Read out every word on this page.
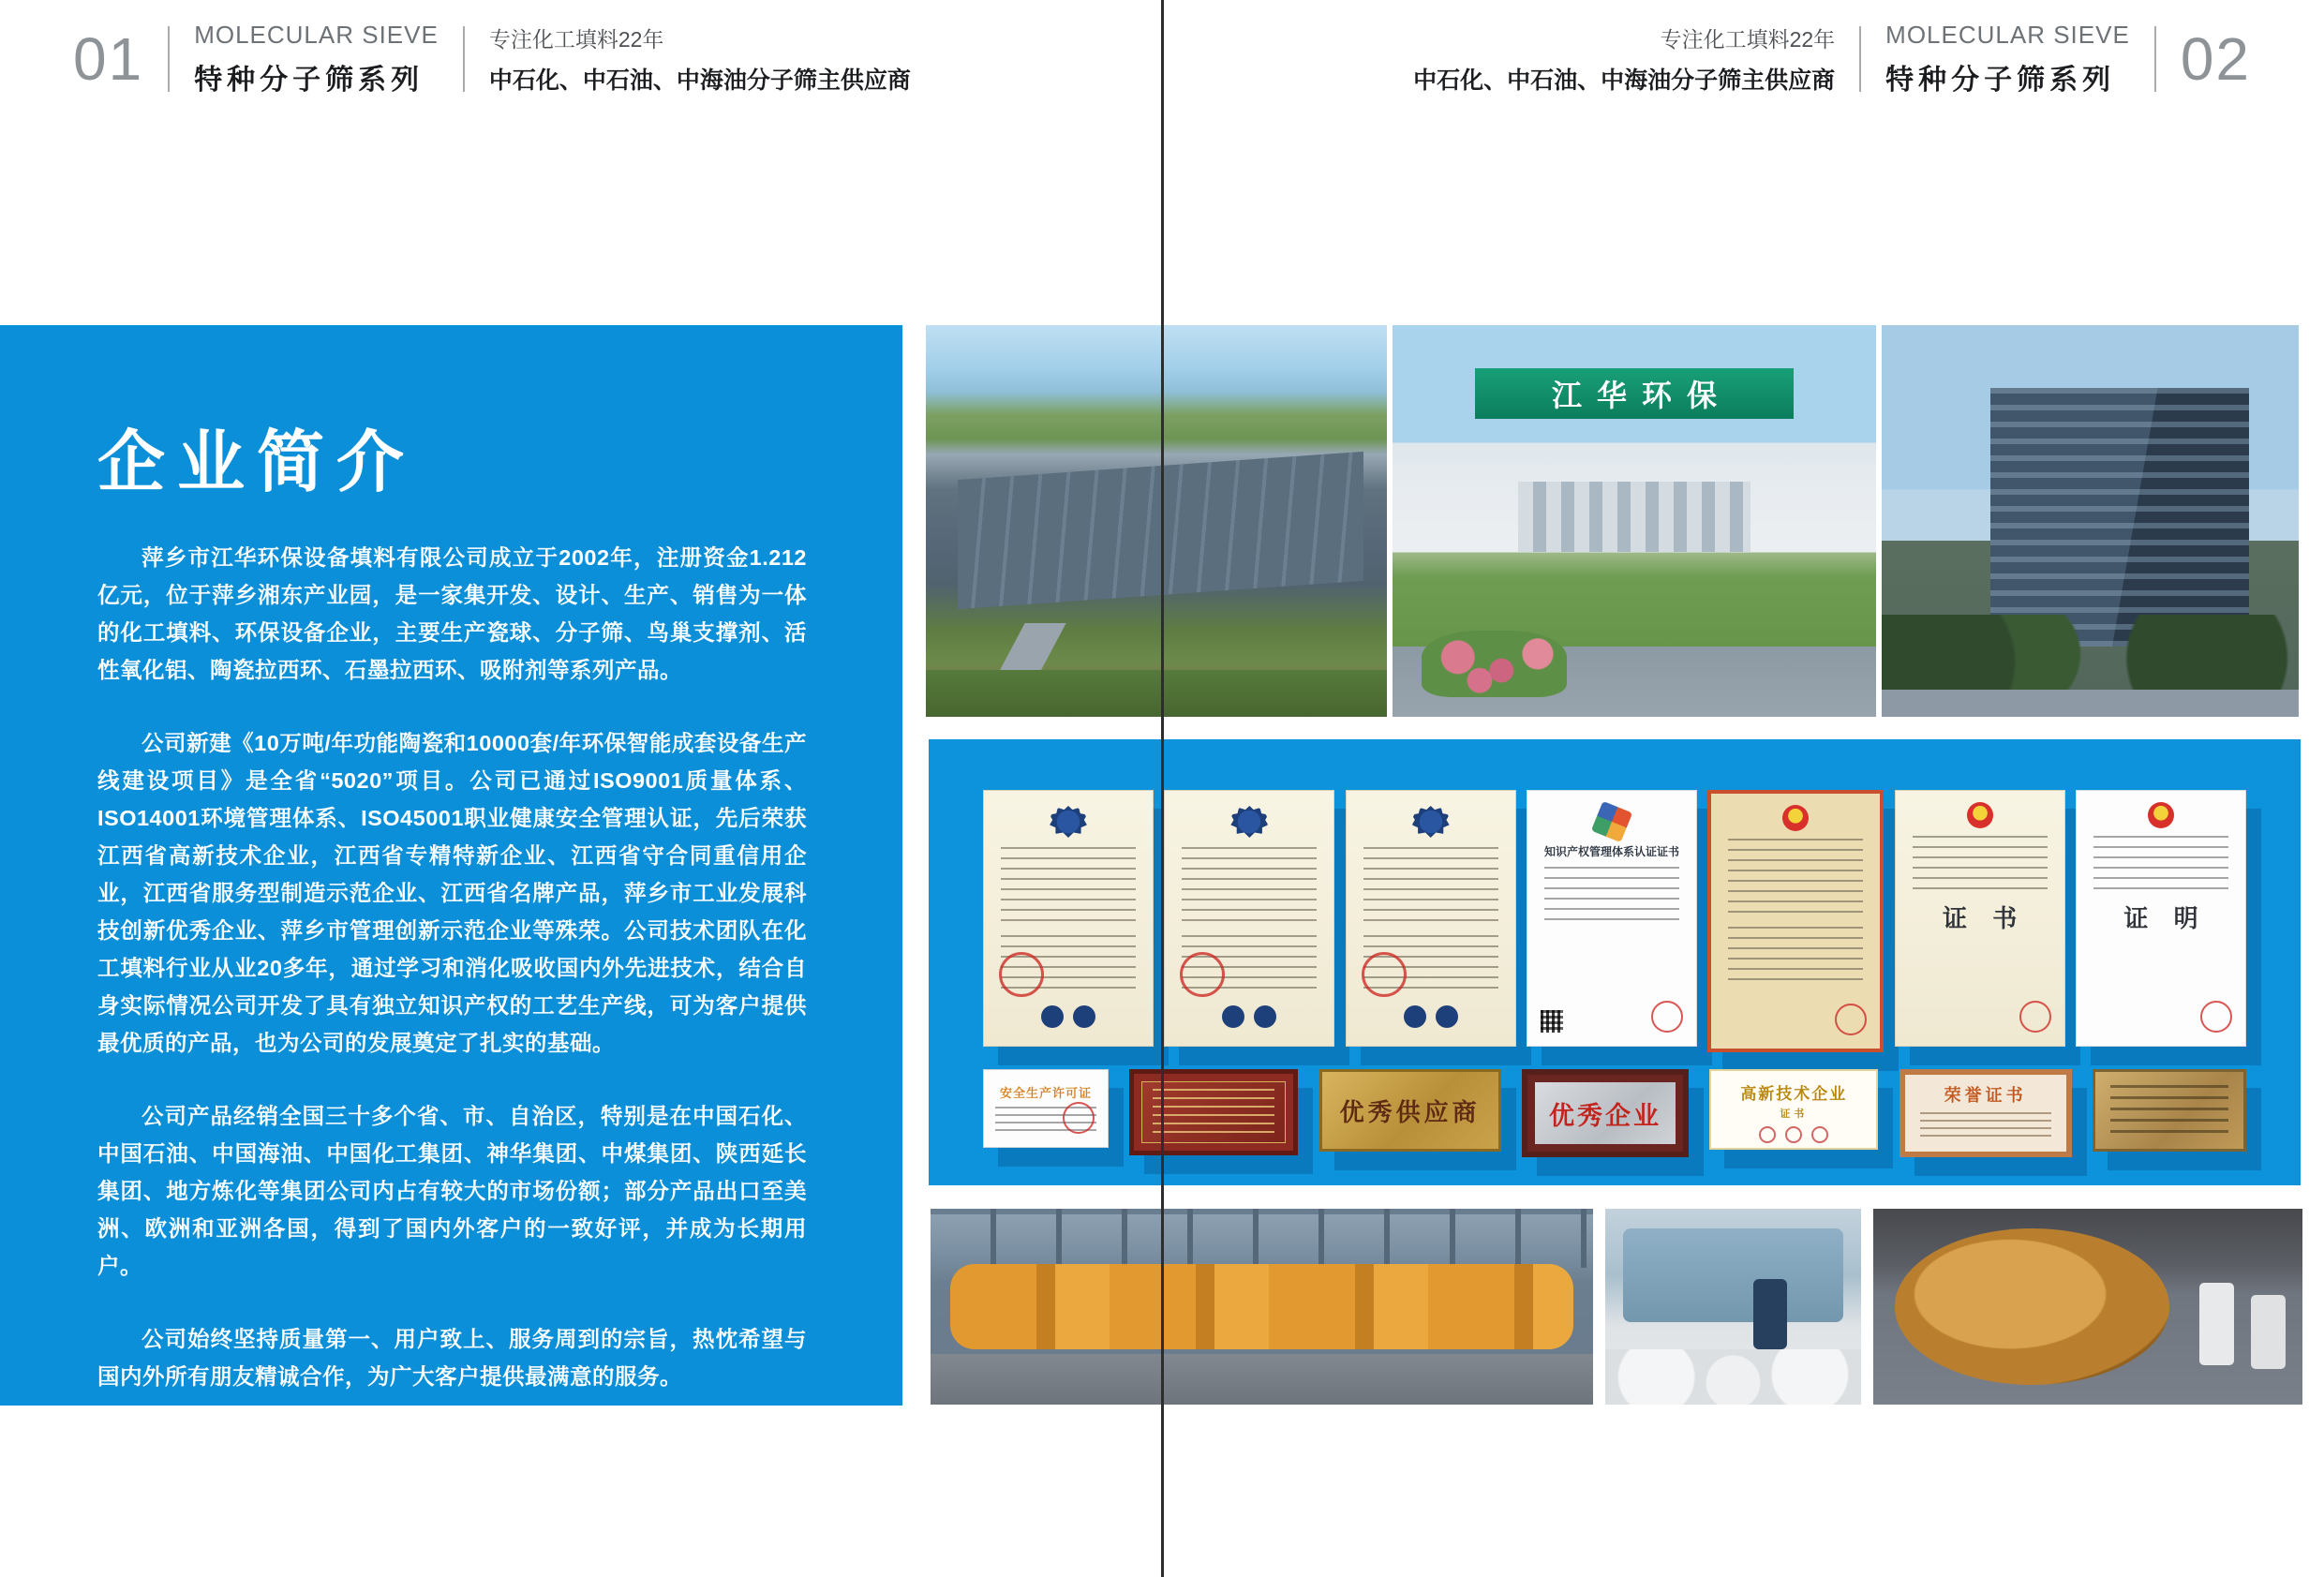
01 MOLECULAR SIEVE
特种分子筛系列
专注化工填料22年
中石化、中石油、中海油分子筛主供应商
专注化工填料22年
中石化、中石油、中海油分子筛主供应商
MOLECULAR SIEVE
特种分子筛系列 02
企业简介

萍乡市江华环保设备填料有限公司成立于2002年，注册资金1.212亿元，位于萍乡湘东产业园，是一家集开发、设计、生产、销售为一体的化工填料、环保设备企业，主要生产瓷球、分子筛、鸟巢支撑剂、活性氧化铝、陶瓷拉西环、石墨拉西环、吸附剂等系列产品。

公司新建《10万吨/年功能陶瓷和10000套/年环保智能成套设备生产线建设项目》是全省“5020”项目。公司已通过ISO9001质量体系、ISO14001环境管理体系、ISO45001职业健康安全管理认证，先后荣获江西省高新技术企业，江西省专精特新企业、江西省守合同重信用企业，江西省服务型制造示范企业、江西省名牌产品，萍乡市工业发展科技创新优秀企业、萍乡市管理创新示范企业等殊荣。公司技术团队在化工填料行业从业20多年，通过学习和消化吸收国内外先进技术，结合自身实际情况公司开发了具有独立知识产权的工艺生产线，可为客户提供最优质的产品，也为公司的发展奠定了扎实的基础。

公司产品经销全国三十多个省、市、自治区，特别是在中国石化、中国石油、中国海油、中国化工集团、神华集团、中煤集团、陕西延长集团、地方炼化等集团公司内占有较大的市场份额；部分产品出口至美洲、欧洲和亚洲各国，得到了国内外客户的一致好评，并成为长期用户。

公司始终坚持质量第一、用户致上、服务周到的宗旨，热忱希望与国内外所有朋友精诚合作，为广大客户提供最满意的服务。

江华环保
知识产权管理体系认证证书
证 书	证 明
安全生产许可证
优秀供应商	优秀企业
高新技术企业
证书
荣誉证书
